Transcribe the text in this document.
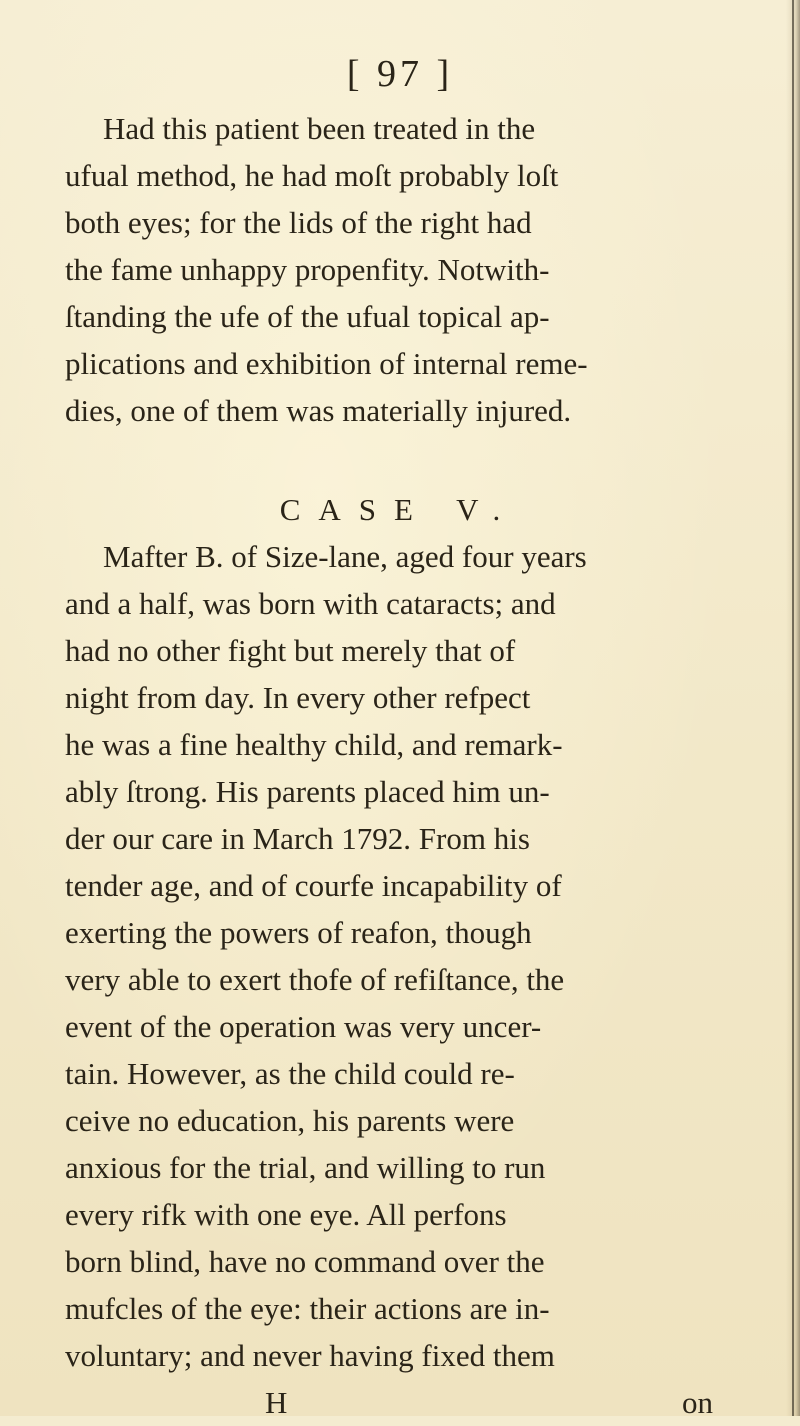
[ 97 ]
Had this patient been treated in the
ufual method, he had moſt probably loſt
both eyes; for the lids of the right had
the fame unhappy propenfity. Notwith-
ſtanding the ufe of the ufual topical ap-
plications and exhibition of internal reme-
dies, one of them was materially injured.
CASE V.
Mafter B. of Size-lane, aged four years
and a half, was born with cataracts; and
had no other fight but merely that of
night from day. In every other refpect
he was a fine healthy child, and remark-
ably ſtrong. His parents placed him un-
der our care in March 1792. From his
tender age, and of courfe incapability of
exerting the powers of reafon, though
very able to exert thofe of refiſtance, the
event of the operation was very uncer-
tain. However, as the child could re-
ceive no education, his parents were
anxious for the trial, and willing to run
every rifk with one eye. All perfons
born blind, have no command over the
mufcles of the eye: their actions are in-
voluntary; and never having fixed them
H	on
